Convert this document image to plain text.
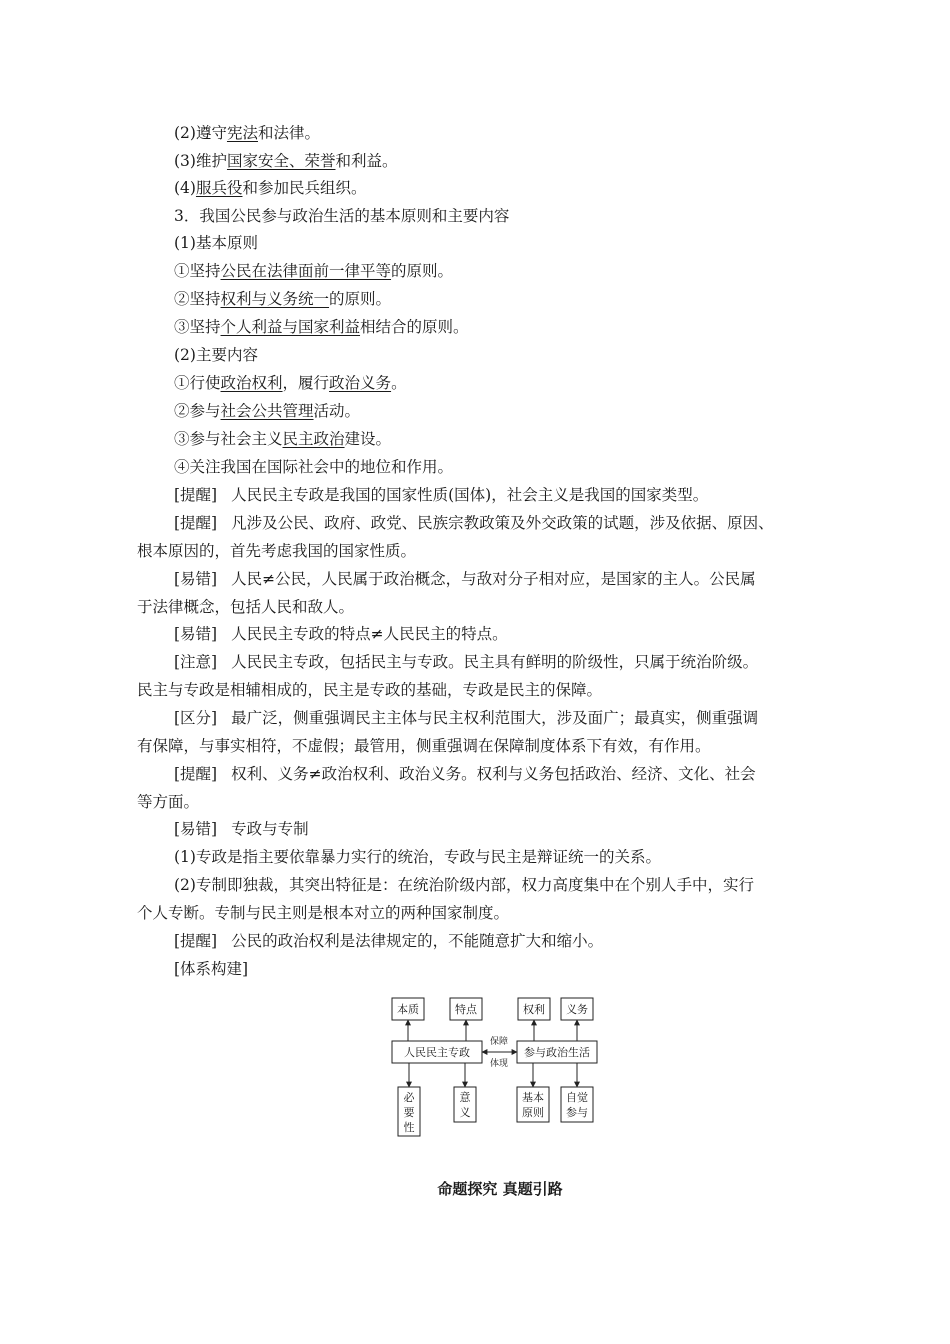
(2)遵守宪法和法律。
(3)维护国家安全、荣誉和利益。
(4)服兵役和参加民兵组织。
3．我国公民参与政治生活的基本原则和主要内容
(1)基本原则
①坚持公民在法律面前一律平等的原则。
②坚持权利与义务统一的原则。
③坚持个人利益与国家利益相结合的原则。
(2)主要内容
①行使政治权利，履行政治义务。
②参与社会公共管理活动。
③参与社会主义民主政治建设。
④关注我国在国际社会中的地位和作用。
[提醒] 人民民主专政是我国的国家性质(国体)，社会主义是我国的国家类型。
[提醒] 凡涉及公民、政府、政党、民族宗教政策及外交政策的试题，涉及依据、原因、
根本原因的，首先考虑我国的国家性质。
[易错] 人民≠公民，人民属于政治概念，与敌对分子相对应，是国家的主人。公民属
于法律概念，包括人民和敌人。
[易错] 人民民主专政的特点≠人民民主的特点。
[注意] 人民民主专政，包括民主与专政。民主具有鲜明的阶级性，只属于统治阶级。
民主与专政是相辅相成的，民主是专政的基础，专政是民主的保障。
[区分] 最广泛，侧重强调民主主体与民主权利范围大，涉及面广；最真实，侧重强调
有保障，与事实相符，不虚假；最管用，侧重强调在保障制度体系下有效，有作用。
[提醒] 权利、义务≠政治权利、政治义务。权利与义务包括政治、经济、文化、社会
等方面。
[易错] 专政与专制
(1)专政是指主要依靠暴力实行的统治，专政与民主是辩证统一的关系。
(2)专制即独裁，其突出特征是：在统治阶级内部，权力高度集中在个别人手中，实行
个人专断。专制与民主则是根本对立的两种国家制度。
[提醒] 公民的政治权利是法律规定的，不能随意扩大和缩小。
[体系构建]
本质	特点	权利 义务
人民民主专政	参与政治生活
保障
体现
必
要
性
意
义
基本
原则
自觉
参与
命题探究 真题引路
